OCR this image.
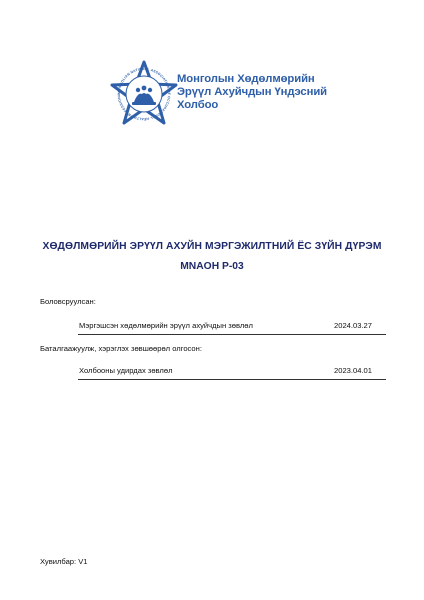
MONGOLIAN NATIONAL ASSOCIATION OF OCCUPATIONAL HEALTH PROFESSIONA
Монголын Хөдөлмөрийн
Эрүүл Ахуйчдын Үндэсний
Холбоо
ХӨДӨЛМӨРИЙН ЭРҮҮЛ АХУЙН МЭРГЭЖИЛТНИЙ ЁС ЗҮЙН ДҮРЭМ
MNAOH P-03
Боловсруулсан:
Мэргэшсэн хөдөлмөрийн эрүүл ахуйчдын зөвлөл	2024.03.27
Баталгаажуулж, хэрэглэх зөвшөөрөл олгосон:
Холбооны удирдах зөвлөл	2023.04.01
Хувилбар: V1
